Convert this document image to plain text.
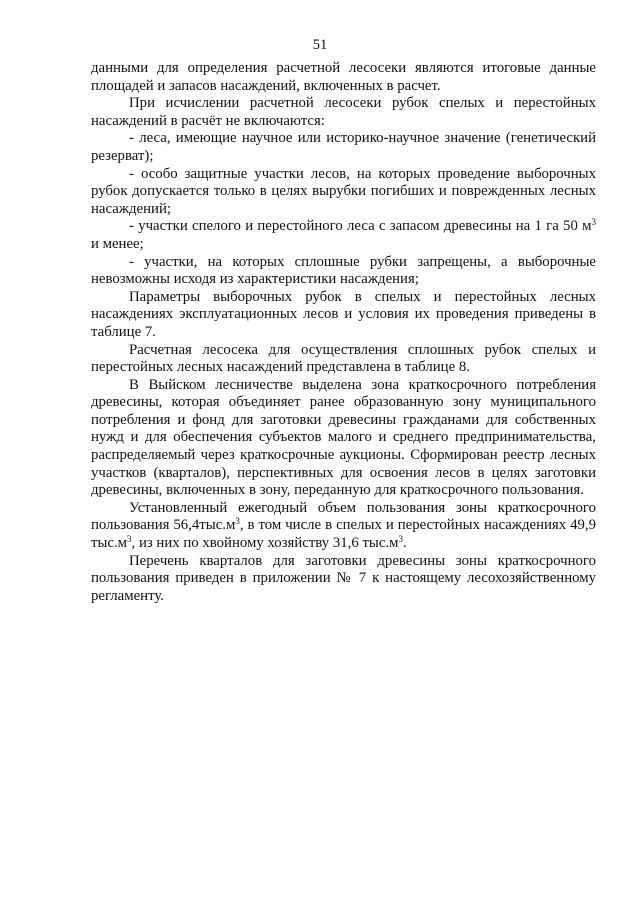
51

данными для определения расчетной лесосеки являются итоговые данные площадей и запасов насаждений, включенных в расчет.

При исчислении расчетной лесосеки рубок спелых и перестойных насаждений в расчёт не включаются:

- леса, имеющие научное или историко-научное значение (генетический резерват);

- особо защитные участки лесов, на которых проведение выборочных рубок допускается только в целях вырубки погибших и поврежденных лесных насаждений;

- участки спелого и перестойного леса с запасом древесины на 1 га 50 $м^3$ и менее;

- участки, на которых сплошные рубки запрещены, а выборочные невозможны исходя из характеристики насаждения;

Параметры выборочных рубок в спелых и перестойных лесных насаждениях эксплуатационных лесов и условия их проведения приведены в таблице 7.

Расчетная лесосека для осуществления сплошных рубок спелых и перестойных лесных насаждений представлена в таблице 8.

В Выйском лесничестве выделена зона краткосрочного потребления древесины, которая объединяет ранее образованную зону муниципального потребления и фонд для заготовки древесины гражданами для собственных нужд и для обеспечения субъектов малого и среднего предпринимательства, распределяемый через краткосрочные аукционы. Сформирован реестр лесных участков (кварталов), перспективных для освоения лесов в целях заготовки древесины, включенных в зону, переданную для краткосрочного пользования.

Установленный ежегодный объем пользования зоны краткосрочного пользования $56,4тыс.м^3$, в том числе в спелых и перестойных насаждениях 49,9 $тыс.м^3$, из них по хвойному хозяйству 31,6 $тыс.м^3$.

Перечень кварталов для заготовки древесины зоны краткосрочного пользования приведен в приложении № 7 к настоящему лесохозяйственному регламенту.
